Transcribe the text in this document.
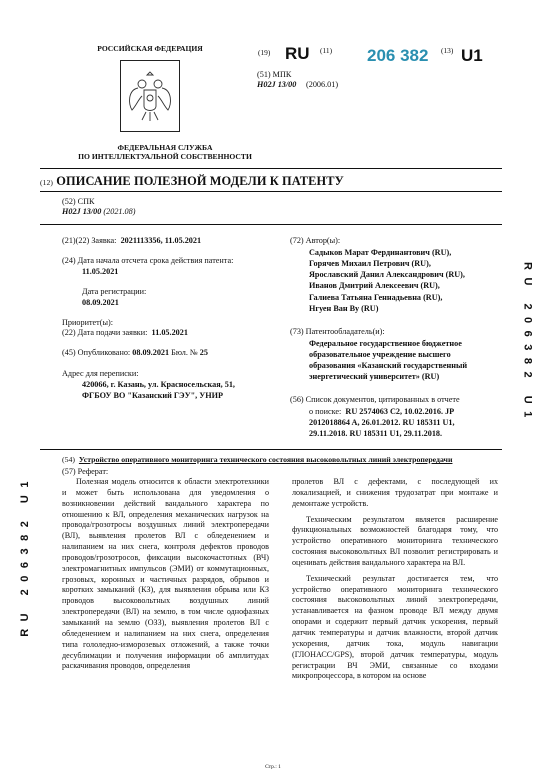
РОССИЙСКАЯ ФЕДЕРАЦИЯ
ФЕДЕРАЛЬНАЯ СЛУЖБА
ПО ИНТЕЛЛЕКТУАЛЬНОЙ СОБСТВЕННОСТИ
(19) RU (11) 206 382 (13) U1
(51) МПК
H02J 13/00 (2006.01)
(12) ОПИСАНИЕ ПОЛЕЗНОЙ МОДЕЛИ К ПАТЕНТУ
(52) СПК
H02J 13/00 (2021.08)
(21)(22) Заявка: 2021113356, 11.05.2021
(24) Дата начала отсчета срока действия патента:
11.05.2021
Дата регистрации:
08.09.2021
Приоритет(ы):
(22) Дата подачи заявки: 11.05.2021
(45) Опубликовано: 08.09.2021 Бюл. № 25
Адрес для переписки:
420066, г. Казань, ул. Красносельская, 51,
ФГБОУ ВО "Казанский ГЭУ", УНИР
(72) Автор(ы):
Садыков Марат Фердинантович (RU),
Горячев Михаил Петрович (RU),
Ярославский Данил Александрович (RU),
Иванов Дмитрий Алексеевич (RU),
Галиева Татьяна Геннадьевна (RU),
Нгуен Ван Ву (RU)
(73) Патентообладатель(и):
Федеральное государственное бюджетное
образовательное учреждение высшего
образования «Казанский государственный
энергетический университет» (RU)
(56) Список документов, цитированных в отчете
о поиске: RU 2574063 C2, 10.02.2016. JP
2012018864 A, 26.01.2012. RU 185311 U1,
29.11.2018. RU 185311 U1, 29.11.2018.
RU 206382 U1
RU 206382 U1
(54) Устройство оперативного мониторинга технического состояния высоковольтных линий электропередачи
(57) Реферат:

Полезная модель относится к области электротехники и может быть использована для уведомления о возникновении действий вандального характера по отношению к ВЛ, определения механических нагрузок на провода/грозотросы воздушных линий электропередачи (ВЛ), выявления пролетов ВЛ с обледенением и налипанием на них снега, контроля дефектов проводов проводов/грозотросов, фиксации высокочастотных (ВЧ) электромагнитных импульсов (ЭМИ) от коммутационных, грозовых, коронных и частичных разрядов, обрывов и коротких замыканий (КЗ), для выявления обрыва или КЗ проводов высоковольтных воздушных линий электропередачи (ВЛ) на землю, в том числе однофазных замыканий на землю (ОЗЗ), выявления пролетов ВЛ с обледенением и налипанием на них снега, определения типа гололедно-изморозевых отложений, а также точки десублимации и получения информации об амплитудах раскачивания проводов, определения

пролетов ВЛ с дефектами, с последующей их локализацией, и снижения трудозатрат при монтаже и демонтаже устройств.

Техническим результатом является расширение функциональных возможностей благодаря тому, что устройство оперативного мониторинга технического состояния высоковольтных ВЛ позволит регистрировать и оценивать действия вандального характера на ВЛ.

Технический результат достигается тем, что устройство оперативного мониторинга технического состояния высоковольтных линий электропередачи, устанавливается на фазном проводе ВЛ между двумя опорами и содержит первый датчик ускорения, первый датчик температуры и датчик влажности, второй датчик ускорения, датчик тока, модуль навигации (ГЛОНАСС/GPS), второй датчик температуры, модуль регистрации ВЧ ЭМИ, связанные со входами микропроцессора, в котором на основе

Стр.: 1
